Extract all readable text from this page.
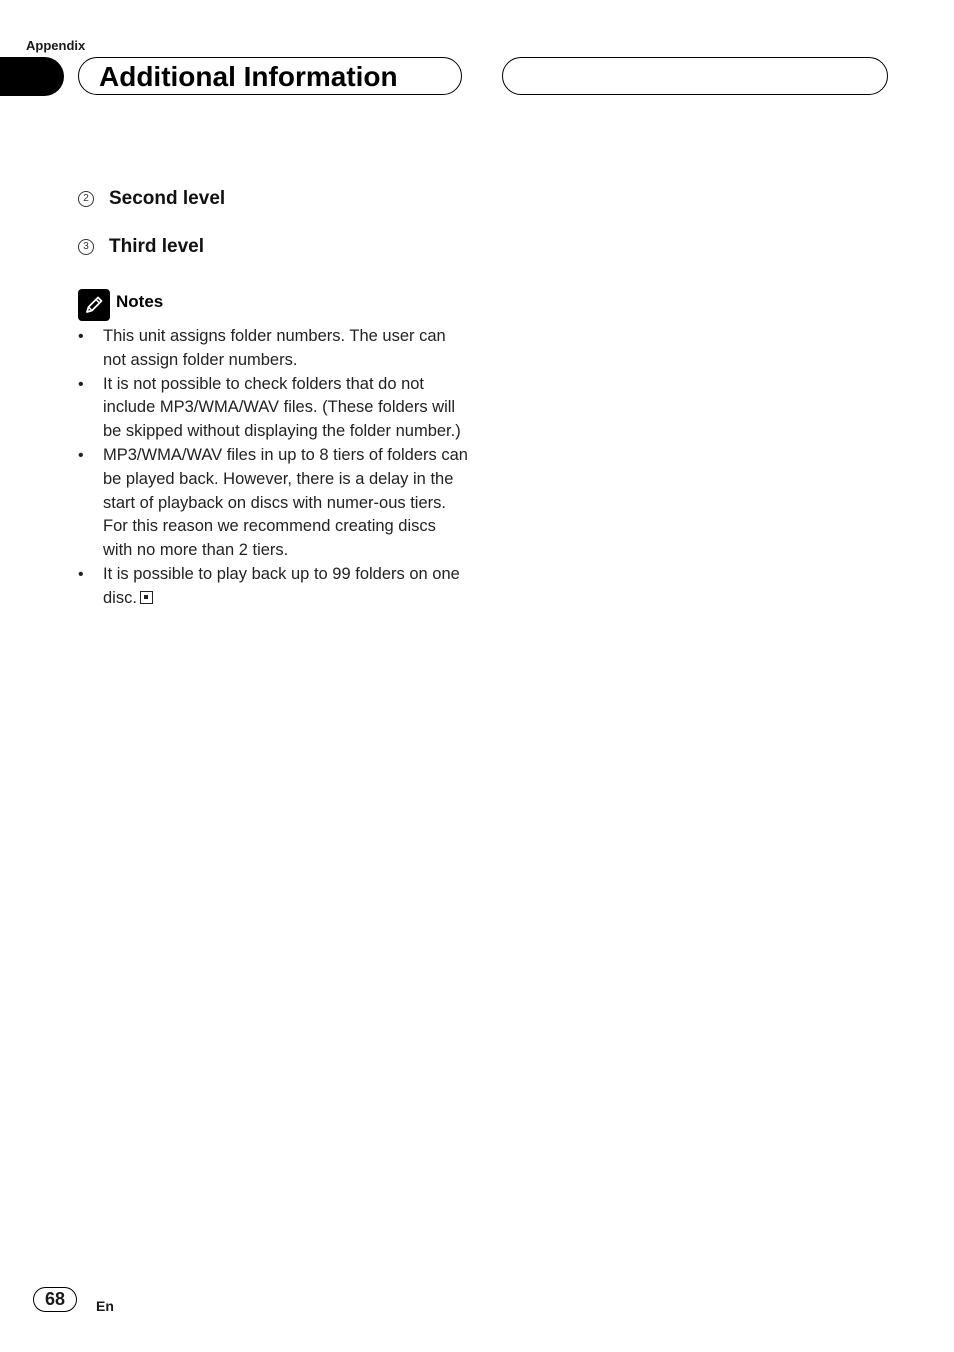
Appendix
Additional Information
2 Second level
3 Third level
Notes
• This unit assigns folder numbers. The user can not assign folder numbers.
• It is not possible to check folders that do not include MP3/WMA/WAV files. (These folders will be skipped without displaying the folder number.)
• MP3/WMA/WAV files in up to 8 tiers of folders can be played back. However, there is a delay in the start of playback on discs with numer-ous tiers. For this reason we recommend creating discs with no more than 2 tiers.
• It is possible to play back up to 99 folders on one disc.
68	En
